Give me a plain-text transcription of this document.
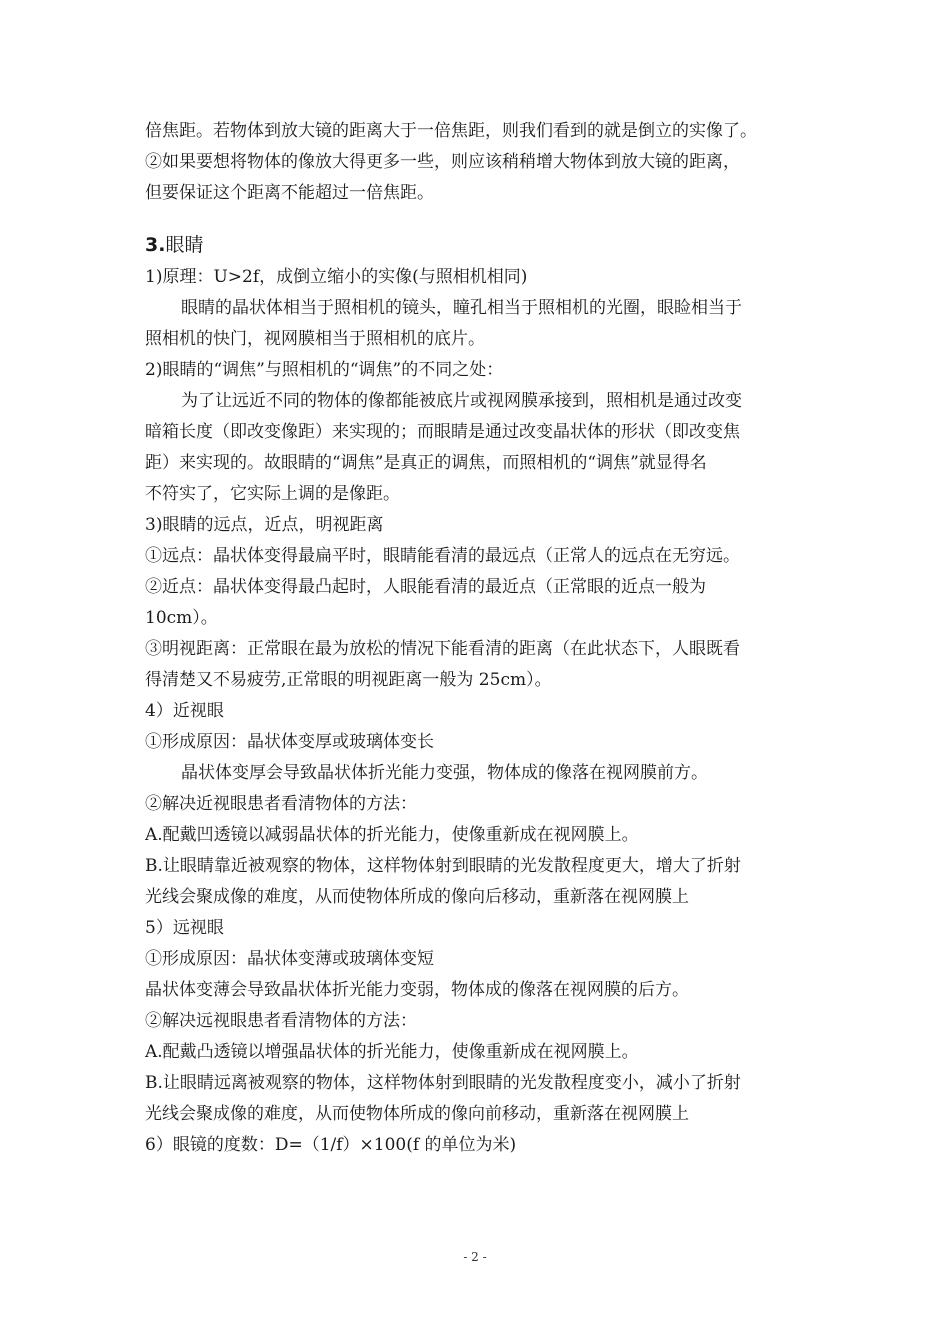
倍焦距。若物体到放大镜的距离大于一倍焦距，则我们看到的就是倒立的实像了。
②如果要想将物体的像放大得更多一些，则应该稍稍增大物体到放大镜的距离，
但要保证这个距离不能超过一倍焦距。
3.眼睛
1)原理：U>2f，成倒立缩小的实像(与照相机相同)
眼睛的晶状体相当于照相机的镜头，瞳孔相当于照相机的光圈，眼睑相当于
照相机的快门，视网膜相当于照相机的底片。
2)眼睛的“调焦”与照相机的“调焦”的不同之处：
为了让远近不同的物体的像都能被底片或视网膜承接到，照相机是通过改变
暗箱长度（即改变像距）来实现的；而眼睛是通过改变晶状体的形状（即改变焦
距）来实现的。故眼睛的“调焦”是真正的调焦，而照相机的“调焦”就显得名
不符实了，它实际上调的是像距。
3)眼睛的远点，近点，明视距离
①远点：晶状体变得最扁平时，眼睛能看清的最远点（正常人的远点在无穷远。
②近点：晶状体变得最凸起时，人眼能看清的最近点（正常眼的近点一般为
10cm）。
③明视距离：正常眼在最为放松的情况下能看清的距离（在此状态下，人眼既看
得清楚又不易疲劳,正常眼的明视距离一般为 25cm）。
4）近视眼
①形成原因：晶状体变厚或玻璃体变长
晶状体变厚会导致晶状体折光能力变强，物体成的像落在视网膜前方。
②解决近视眼患者看清物体的方法：
A.配戴凹透镜以减弱晶状体的折光能力，使像重新成在视网膜上。
B.让眼睛靠近被观察的物体，这样物体射到眼睛的光发散程度更大，增大了折射
光线会聚成像的难度，从而使物体所成的像向后移动，重新落在视网膜上
5）远视眼
①形成原因：晶状体变薄或玻璃体变短
晶状体变薄会导致晶状体折光能力变弱，物体成的像落在视网膜的后方。
②解决远视眼患者看清物体的方法：
A.配戴凸透镜以增强晶状体的折光能力，使像重新成在视网膜上。
B.让眼睛远离被观察的物体，这样物体射到眼睛的光发散程度变小，减小了折射
光线会聚成像的难度，从而使物体所成的像向前移动，重新落在视网膜上
6）眼镜的度数：D=（1/f）×100(f 的单位为米)
- 2 -
